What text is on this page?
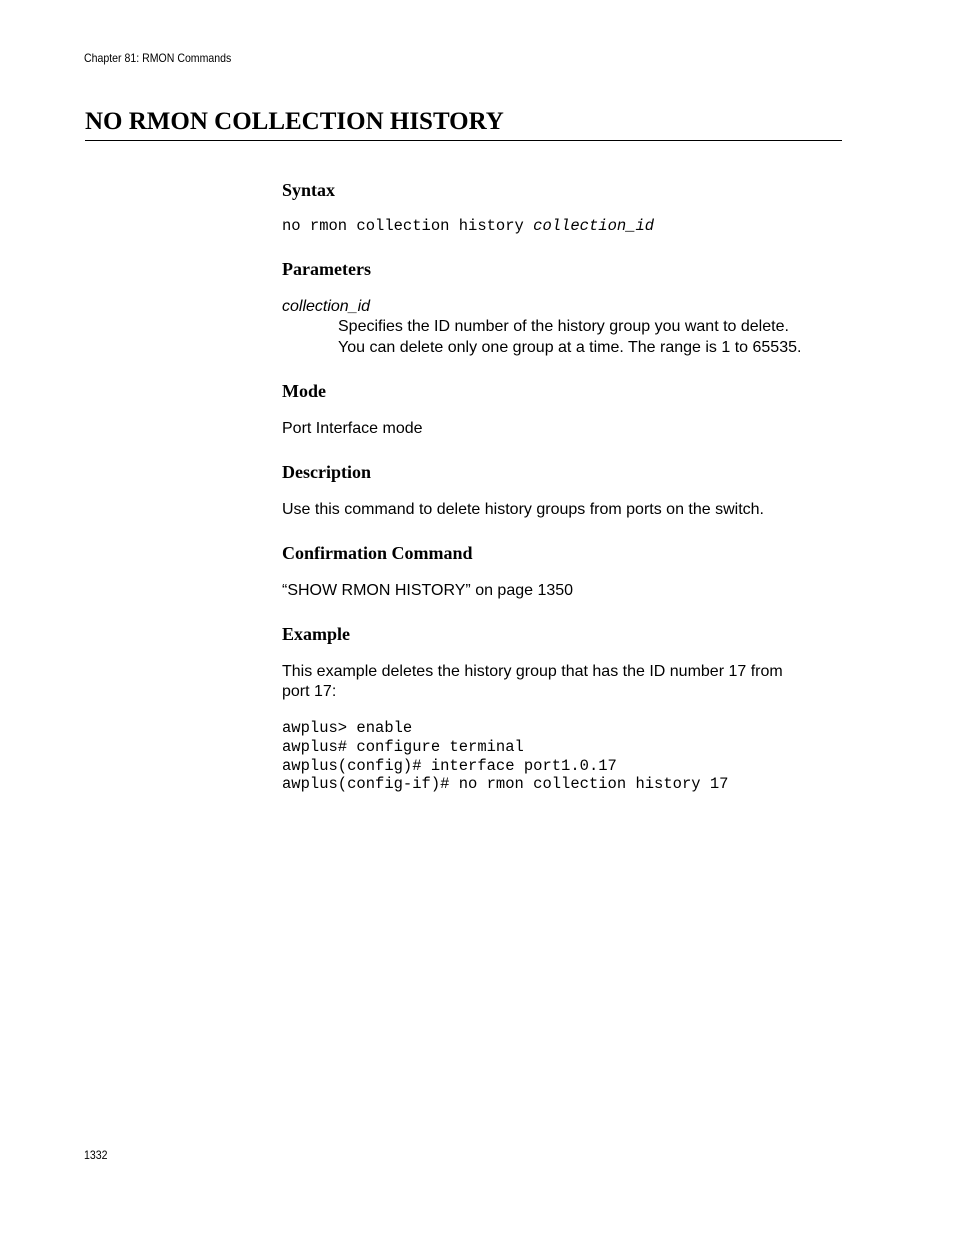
Chapter 81: RMON Commands
NO RMON COLLECTION HISTORY
Syntax
no rmon collection history collection_id
Parameters
collection_id
Specifies the ID number of the history group you want to delete.
You can delete only one group at a time. The range is 1 to 65535.
Mode
Port Interface mode
Description
Use this command to delete history groups from ports on the switch.
Confirmation Command
“SHOW RMON HISTORY” on page 1350
Example
This example deletes the history group that has the ID number 17 from
port 17:
awplus> enable
awplus# configure terminal
awplus(config)# interface port1.0.17
awplus(config-if)# no rmon collection history 17
1332
